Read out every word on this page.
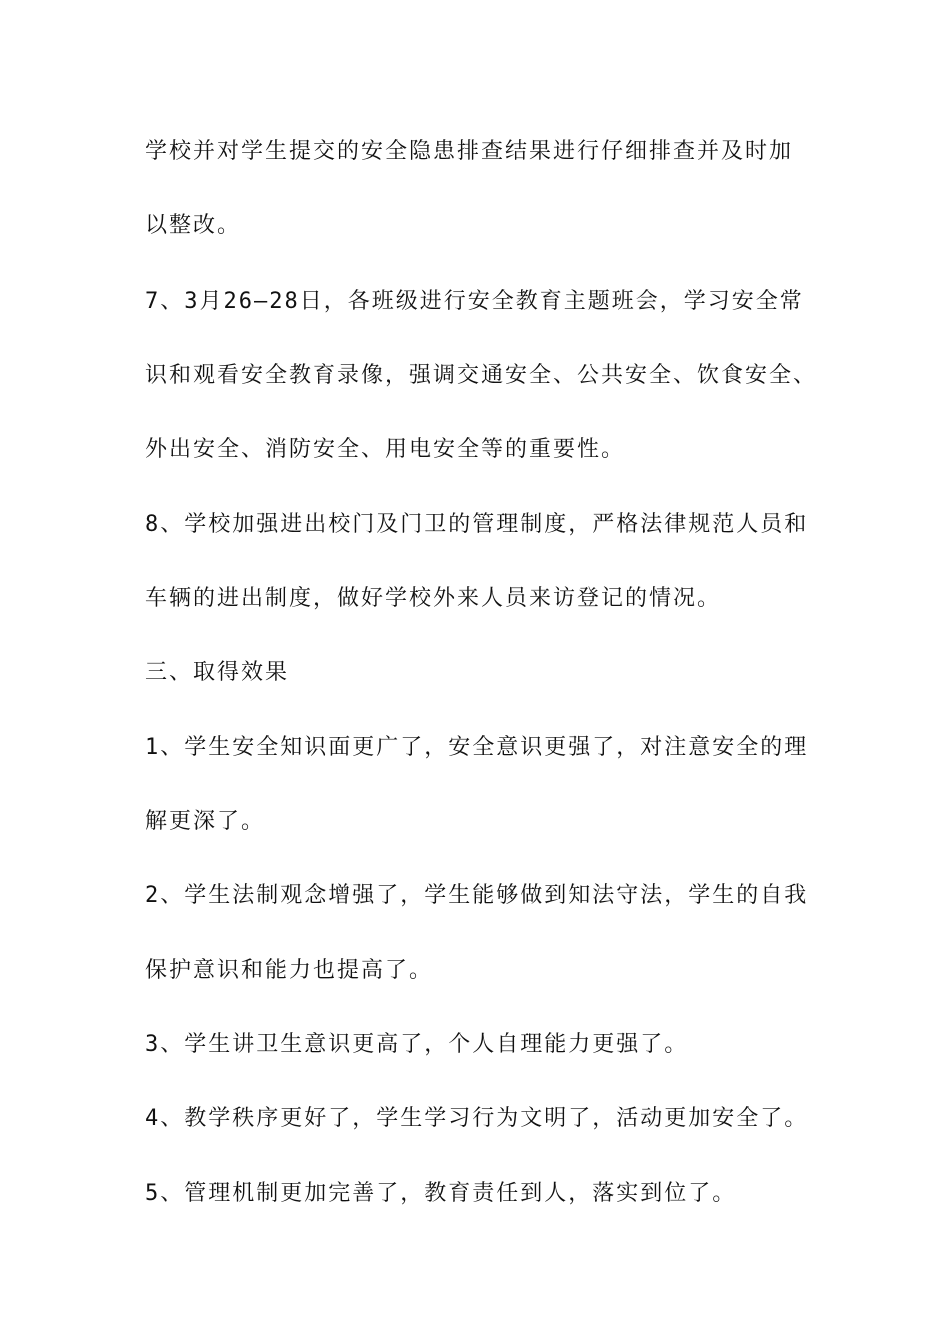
学校并对学生提交的安全隐患排查结果进行仔细排查并及时加
以整改。
7、3月26—28日，各班级进行安全教育主题班会，学习安全常
识和观看安全教育录像，强调交通安全、公共安全、饮食安全、
外出安全、消防安全、用电安全等的重要性。
8、学校加强进出校门及门卫的管理制度，严格法律规范人员和
车辆的进出制度，做好学校外来人员来访登记的情况。
三、取得效果
1、学生安全知识面更广了，安全意识更强了，对注意安全的理
解更深了。
2、学生法制观念增强了，学生能够做到知法守法，学生的自我
保护意识和能力也提高了。
3、学生讲卫生意识更高了，个人自理能力更强了。
4、教学秩序更好了，学生学习行为文明了，活动更加安全了。
5、管理机制更加完善了，教育责任到人，落实到位了。
